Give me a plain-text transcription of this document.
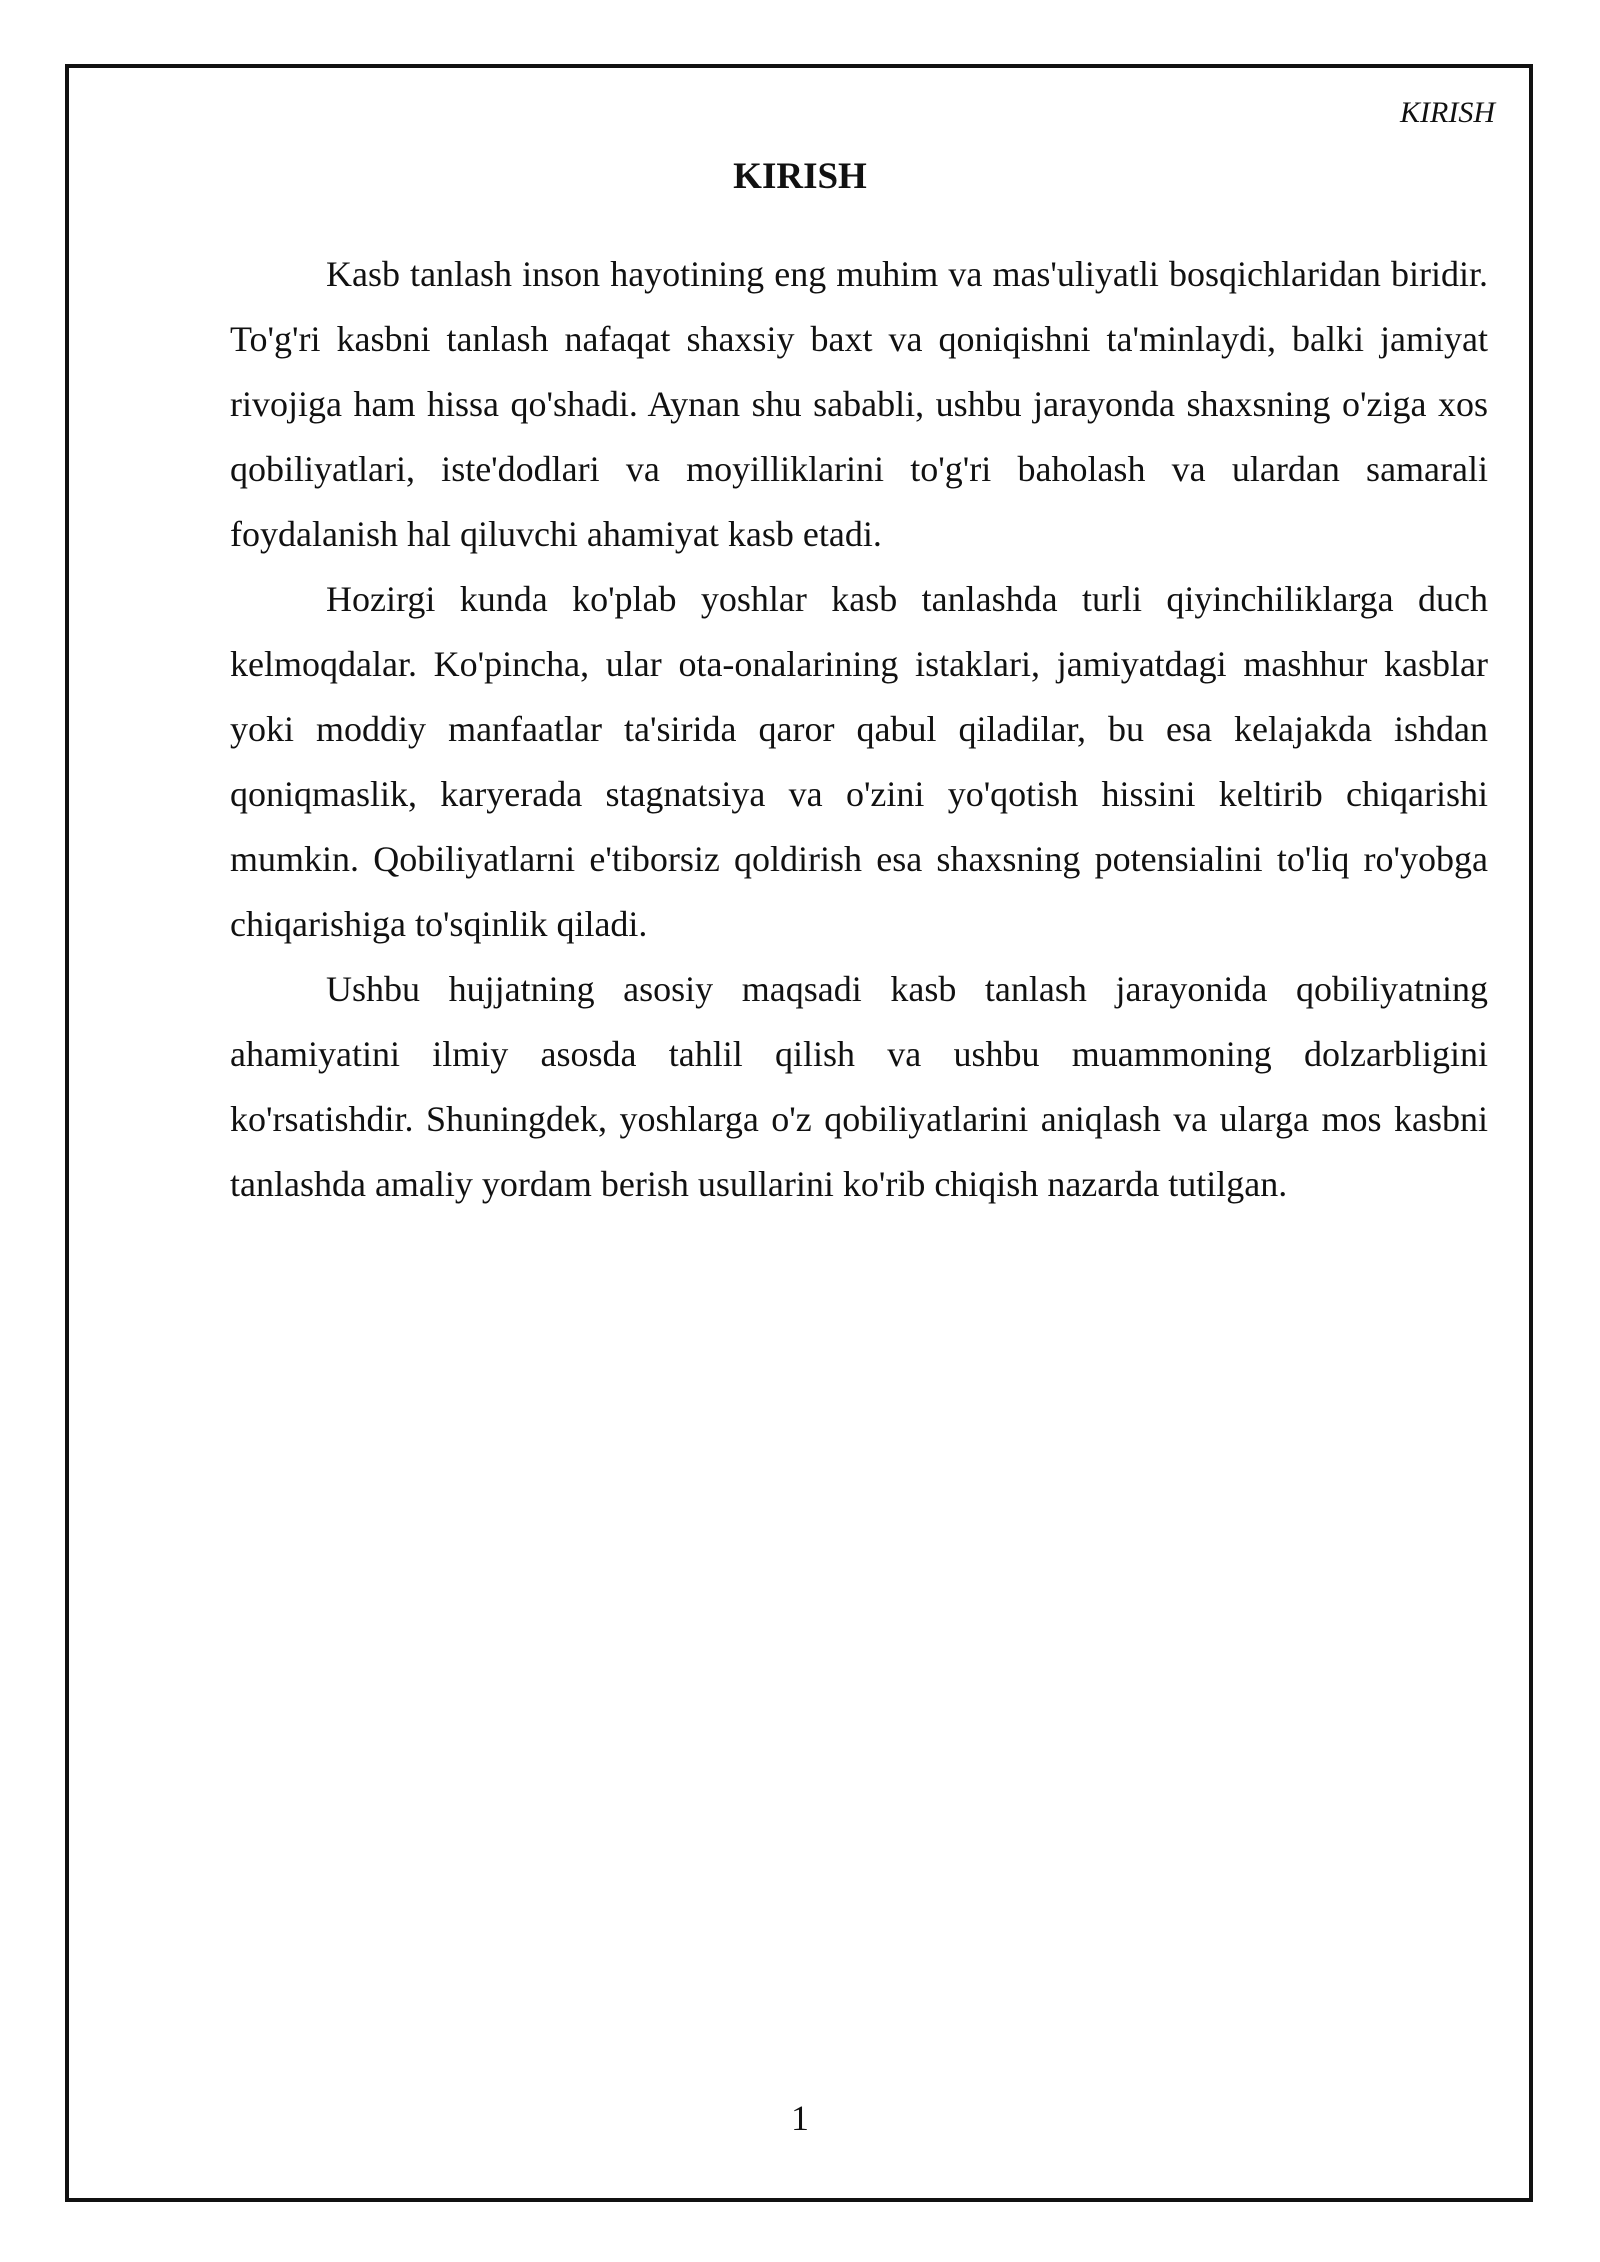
KIRISH
KIRISH

Kasb tanlash inson hayotining eng muhim va mas'uliyatli bosqichlaridan biridir. To'g'ri kasbni tanlash nafaqat shaxsiy baxt va qoniqishni ta'minlaydi, balki jamiyat rivojiga ham hissa qo'shadi. Aynan shu sababli, ushbu jarayonda shaxsning o'ziga xos qobiliyatlari, iste'dodlari va moyilliklarini to'g'ri baholash va ulardan samarali foydalanish hal qiluvchi ahamiyat kasb etadi.

Hozirgi kunda ko'plab yoshlar kasb tanlashda turli qiyinchiliklarga duch kelmoqdalar. Ko'pincha, ular ota-onalarining istaklari, jamiyatdagi mashhur kasblar yoki moddiy manfaatlar ta'sirida qaror qabul qiladilar, bu esa kelajakda ishdan qoniqmaslik, karyerada stagnatsiya va o'zini yo'qotish hissini keltirib chiqarishi mumkin. Qobiliyatlarni e'tiborsiz qoldirish esa shaxsning potensialini to'liq ro'yobga chiqarishiga to'sqinlik qiladi.

Ushbu hujjatning asosiy maqsadi kasb tanlash jarayonida qobiliyatning ahamiyatini ilmiy asosda tahlil qilish va ushbu muammoning dolzarbligini ko'rsatishdir. Shuningdek, yoshlarga o'z qobiliyatlarini aniqlash va ularga mos kasbni tanlashda amaliy yordam berish usullarini ko'rib chiqish nazarda tutilgan.

1
